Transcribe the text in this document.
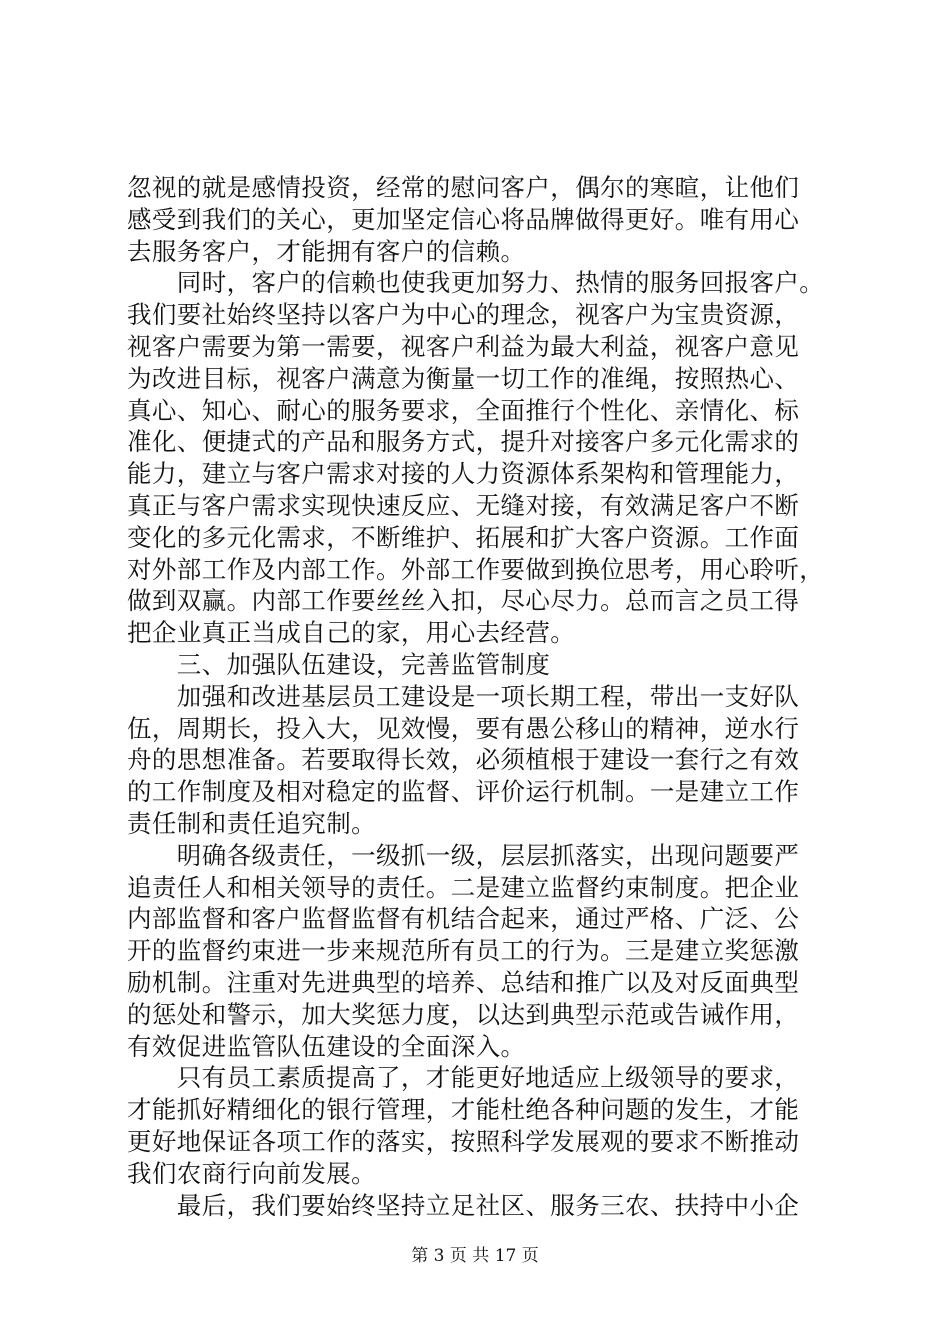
忽视的就是感情投资，经常的慰问客户，偶尔的寒暄，让他们
感受到我们的关心，更加坚定信心将品牌做得更好。唯有用心
去服务客户，才能拥有客户的信赖。
　　同时，客户的信赖也使我更加努力、热情的服务回报客户。
我们要社始终坚持以客户为中心的理念，视客户为宝贵资源，
视客户需要为第一需要，视客户利益为最大利益，视客户意见
为改进目标，视客户满意为衡量一切工作的准绳，按照热心、
真心、知心、耐心的服务要求，全面推行个性化、亲情化、标
准化、便捷式的产品和服务方式，提升对接客户多元化需求的
能力，建立与客户需求对接的人力资源体系架构和管理能力，
真正与客户需求实现快速反应、无缝对接，有效满足客户不断
变化的多元化需求，不断维护、拓展和扩大客户资源。工作面
对外部工作及内部工作。外部工作要做到换位思考，用心聆听，
做到双赢。内部工作要丝丝入扣，尽心尽力。总而言之员工得
把企业真正当成自己的家，用心去经营。
　　三、加强队伍建设，完善监管制度
　　加强和改进基层员工建设是一项长期工程，带出一支好队
伍，周期长，投入大，见效慢，要有愚公移山的精神，逆水行
舟的思想准备。若要取得长效，必须植根于建设一套行之有效
的工作制度及相对稳定的监督、评价运行机制。一是建立工作
责任制和责任追究制。
　　明确各级责任，一级抓一级，层层抓落实，出现问题要严
追责任人和相关领导的责任。二是建立监督约束制度。把企业
内部监督和客户监督监督有机结合起来，通过严格、广泛、公
开的监督约束进一步来规范所有员工的行为。三是建立奖惩激
励机制。注重对先进典型的培养、总结和推广以及对反面典型
的惩处和警示，加大奖惩力度，以达到典型示范或告诫作用，
有效促进监管队伍建设的全面深入。
　　只有员工素质提高了，才能更好地适应上级领导的要求，
才能抓好精细化的银行管理，才能杜绝各种问题的发生，才能
更好地保证各项工作的落实，按照科学发展观的要求不断推动
我们农商行向前发展。
　　最后，我们要始终坚持立足社区、服务三农、扶持中小企
第 3 页 共 17 页
